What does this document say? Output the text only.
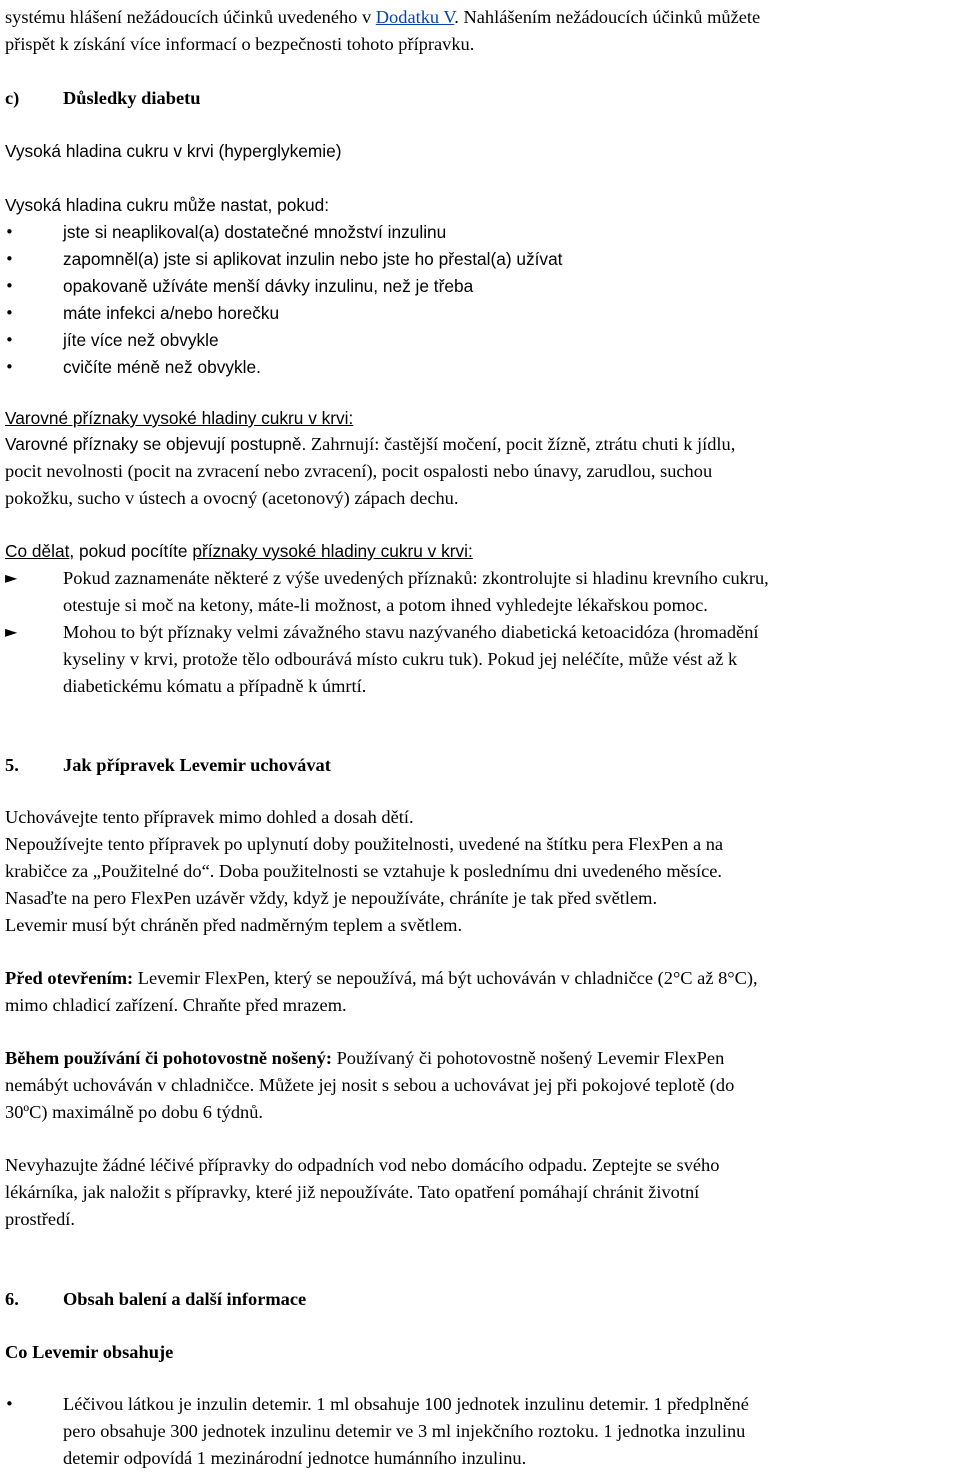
systému hlášení nežádoucích účinků uvedeného v Dodatku V. Nahlášením nežádoucích účinků můžete
přispět k získání více informací o bezpečnosti tohoto přípravku.
c) Důsledky diabetu
Vysoká hladina cukru v krvi (hyperglykemie)
Vysoká hladina cukru může nastat, pokud:
•	jste si neaplikoval(a) dostatečné množství inzulinu
•	zapomněl(a) jste si aplikovat inzulin nebo jste ho přestal(a) užívat
•	opakovaně užíváte menší dávky inzulinu, než je třeba
•	máte infekci a/nebo horečku
•	jíte více než obvykle
•	cvičíte méně než obvykle.
Varovné příznaky vysoké hladiny cukru v krvi:
Varovné příznaky se objevují postupně. Zahrnují: častější močení, pocit žízně, ztrátu chuti k jídlu,
pocit nevolnosti (pocit na zvracení nebo zvracení), pocit ospalosti nebo únavy, zarudlou, suchou
pokožku, sucho v ústech a ovocný (acetonový) zápach dechu.
Co dělat, pokud pocítíte příznaky vysoké hladiny cukru v krvi:
► Pokud zaznamenáte některé z výše uvedených příznaků: zkontrolujte si hladinu krevního cukru,
otestuje si moč na ketony, máte-li možnost, a potom ihned vyhledejte lékařskou pomoc.
► Mohou to být příznaky velmi závažného stavu nazývaného diabetická ketoacidóza (hromadění
kyseliny v krvi, protože tělo odbourává místo cukru tuk). Pokud jej neléčíte, může vést až k
diabetickému kómatu a případně k úmrtí.
5. Jak přípravek Levemir uchovávat
Uchovávejte tento přípravek mimo dohled a dosah dětí.
Nepoužívejte tento přípravek po uplynutí doby použitelnosti, uvedené na štítku pera FlexPen a na
krabičce za „Použitelné do“. Doba použitelnosti se vztahuje k poslednímu dni uvedeného měsíce.
Nasaďte na pero FlexPen uzávěr vždy, když je nepoužíváte, chráníte je tak před světlem.
Levemir musí být chráněn před nadměrným teplem a světlem.
Před otevřením: Levemir FlexPen, který se nepoužívá, má být uchováván v chladničce (2°C až 8°C),
mimo chladicí zařízení. Chraňte před mrazem.
Během používání či pohotovostně nošený: Používaný či pohotovostně nošený Levemir FlexPen
nemábýt uchováván v chladničce. Můžete jej nosit s sebou a uchovávat jej při pokojové teplotě (do
30ºC) maximálně po dobu 6 týdnů.
Nevyhazujte žádné léčivé přípravky do odpadních vod nebo domácího odpadu. Zeptejte se svého
lékárníka, jak naložit s přípravky, které již nepoužíváte. Tato opatření pomáhají chránit životní
prostředí.
6. Obsah balení a další informace
Co Levemir obsahuje
•	Léčivou látkou je inzulin detemir. 1 ml obsahuje 100 jednotek inzulinu detemir. 1 předplněné
pero obsahuje 300 jednotek inzulinu detemir ve 3 ml injekčního roztoku. 1 jednotka inzulinu
detemir odpovídá 1 mezinárodní jednotce humánního inzulinu.
